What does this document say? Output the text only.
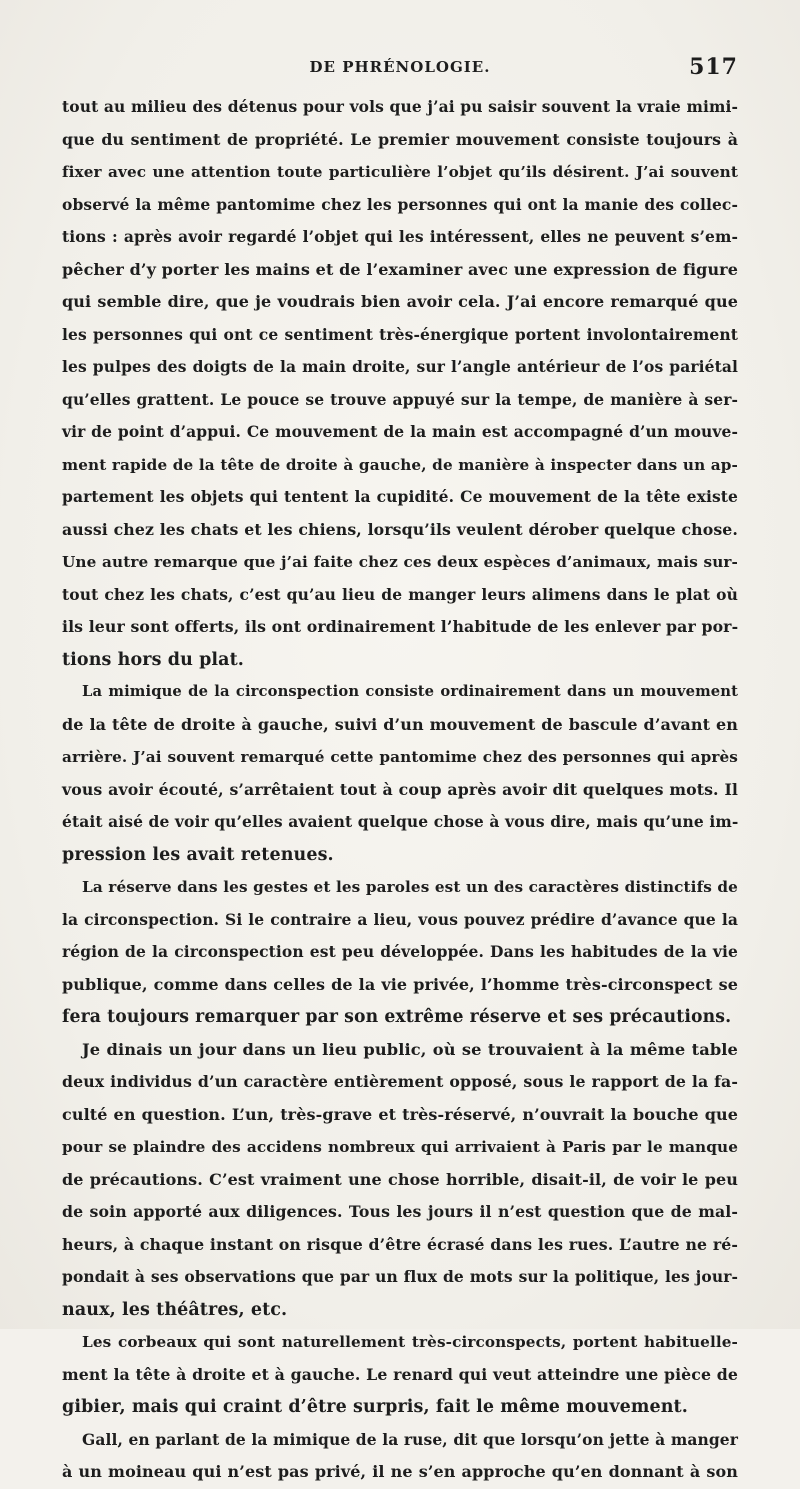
DE PHRÉNOLOGIE.	517
tout au milieu des détenus pour vols que j’ai pu saisir souvent la vraie mimi-
que du sentiment de propriété. Le premier mouvement consiste toujours à
fixer avec une attention toute particulière l’objet qu’ils désirent. J’ai souvent
observé la même pantomime chez les personnes qui ont la manie des collec-
tions : après avoir regardé l’objet qui les intéressent, elles ne peuvent s’em-
pêcher d’y porter les mains et de l’examiner avec une expression de figure
qui semble dire, que je voudrais bien avoir cela. J’ai encore remarqué que
les personnes qui ont ce sentiment très-énergique portent involontairement
les pulpes des doigts de la main droite, sur l’angle antérieur de l’os pariétal
qu’elles grattent. Le pouce se trouve appuyé sur la tempe, de manière à ser-
vir de point d’appui. Ce mouvement de la main est accompagné d’un mouve-
ment rapide de la tête de droite à gauche, de manière à inspecter dans un ap-
partement les objets qui tentent la cupidité. Ce mouvement de la tête existe
aussi chez les chats et les chiens, lorsqu’ils veulent dérober quelque chose.
Une autre remarque que j’ai faite chez ces deux espèces d’animaux, mais sur-
tout chez les chats, c’est qu’au lieu de manger leurs alimens dans le plat où
ils leur sont offerts, ils ont ordinairement l’habitude de les enlever par por-
tions hors du plat.
La mimique de la circonspection consiste ordinairement dans un mouvement
de la tête de droite à gauche, suivi d’un mouvement de bascule d’avant en
arrière. J’ai souvent remarqué cette pantomime chez des personnes qui après
vous avoir écouté, s’arrêtaient tout à coup après avoir dit quelques mots. Il
était aisé de voir qu’elles avaient quelque chose à vous dire, mais qu’une im-
pression les avait retenues.
La réserve dans les gestes et les paroles est un des caractères distinctifs de
la circonspection. Si le contraire a lieu, vous pouvez prédire d’avance que la
région de la circonspection est peu développée. Dans les habitudes de la vie
publique, comme dans celles de la vie privée, l’homme très-circonspect se
fera toujours remarquer par son extrême réserve et ses précautions.
Je dinais un jour dans un lieu public, où se trouvaient à la même table
deux individus d’un caractère entièrement opposé, sous le rapport de la fa-
culté en question. L’un, très-grave et très-réservé, n’ouvrait la bouche que
pour se plaindre des accidens nombreux qui arrivaient à Paris par le manque
de précautions. C’est vraiment une chose horrible, disait-il, de voir le peu
de soin apporté aux diligences. Tous les jours il n’est question que de mal-
heurs, à chaque instant on risque d’être écrasé dans les rues. L’autre ne ré-
pondait à ses observations que par un flux de mots sur la politique, les jour-
naux, les théâtres, etc.
Les corbeaux qui sont naturellement très-circonspects, portent habituelle-
ment la tête à droite et à gauche. Le renard qui veut atteindre une pièce de
gibier, mais qui craint d’être surpris, fait le même mouvement.
Gall, en parlant de la mimique de la ruse, dit que lorsqu’on jette à manger
à un moineau qui n’est pas privé, il ne s’en approche qu’en donnant à son
